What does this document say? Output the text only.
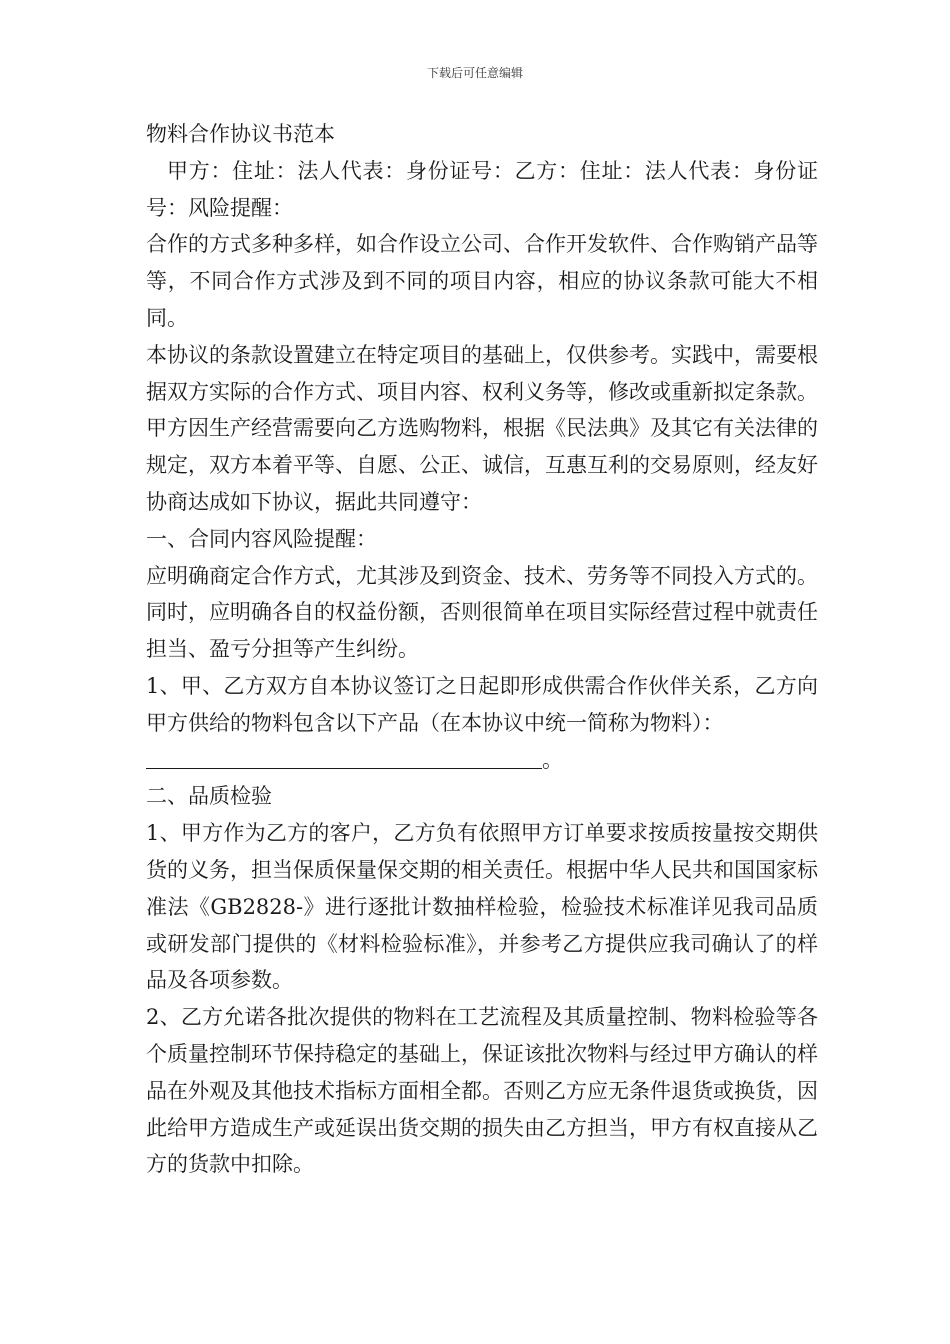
下载后可任意编辑

物料合作协议书范本

甲方：住址：法人代表：身份证号：乙方：住址：法人代表：身份证号：风险提醒：

合作的方式多种多样，如合作设立公司、合作开发软件、合作购销产品等等，不同合作方式涉及到不同的项目内容，相应的协议条款可能大不相同。

本协议的条款设置建立在特定项目的基础上，仅供参考。实践中，需要根据双方实际的合作方式、项目内容、权利义务等，修改或重新拟定条款。 甲方因生产经营需要向乙方选购物料，根据《民法典》及其它有关法律的规定，双方本着平等、自愿、公正、诚信，互惠互利的交易原则，经友好协商达成如下协议，据此共同遵守：

一、合同内容风险提醒：

应明确商定合作方式，尤其涉及到资金、技术、劳务等不同投入方式的。同时，应明确各自的权益份额，否则很简单在项目实际经营过程中就责任担当、盈亏分担等产生纠纷。

1、甲、乙方双方自本协议签订之日起即形成供需合作伙伴关系，乙方向甲方供给的物料包含以下产品（在本协议中统一简称为物料）：

。

二、品质检验

1、甲方作为乙方的客户，乙方负有依照甲方订单要求按质按量按交期供货的义务，担当保质保量保交期的相关责任。根据中华人民共和国国家标准法《GB2828-》进行逐批计数抽样检验，检验技术标准详见我司品质或研发部门提供的《材料检验标准》，并参考乙方提供应我司确认了的样品及各项参数。

2、乙方允诺各批次提供的物料在工艺流程及其质量控制、物料检验等各个质量控制环节保持稳定的基础上，保证该批次物料与经过甲方确认的样品在外观及其他技术指标方面相全都。否则乙方应无条件退货或换货，因此给甲方造成生产或延误出货交期的损失由乙方担当，甲方有权直接从乙方的货款中扣除。
